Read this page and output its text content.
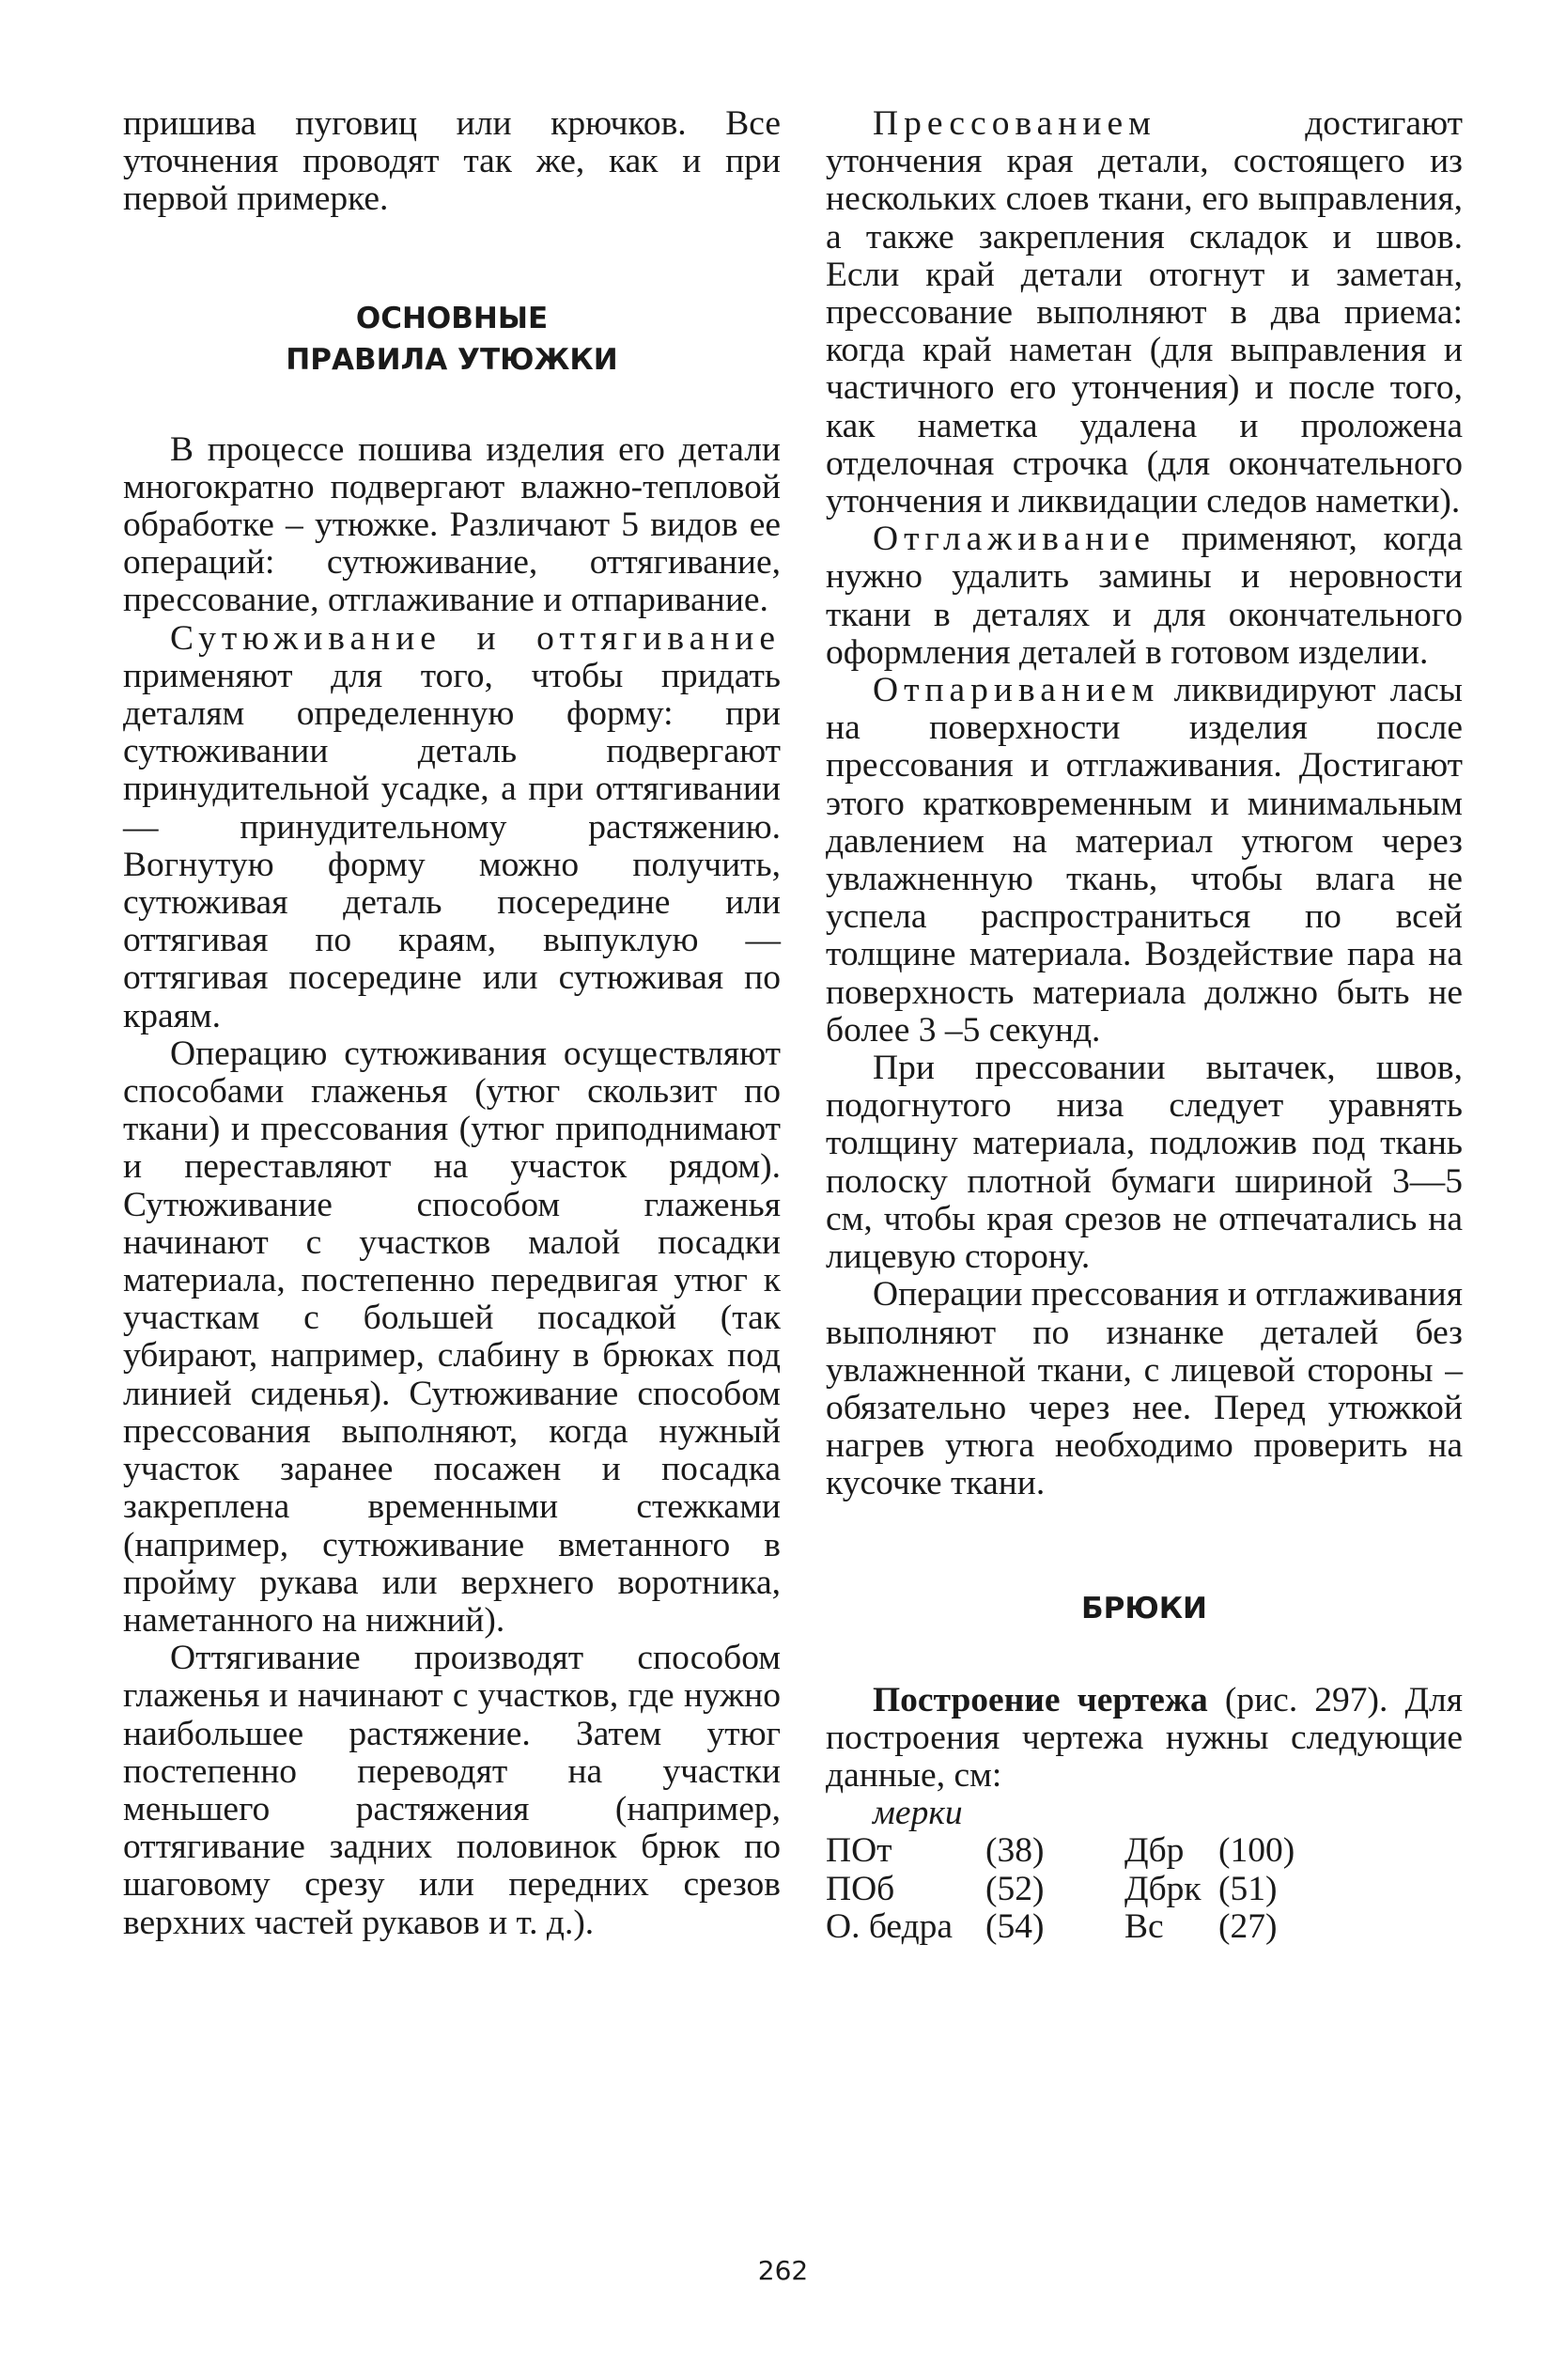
пришива пуговиц или крючков. Все уточнения проводят так же, как и при первой примерке.

ОСНОВНЫЕ

ПРАВИЛА УТЮЖКИ

В процессе пошива изделия его детали многократно подвергают влажно-тепловой обработке – утюжке. Различают 5 видов ее операций: сутюживание, оттягивание, прессование, отглаживание и отпаривание.

Сутюживание и оттягивание применяют для того, чтобы придать деталям определенную форму: при сутюживании деталь подвергают принудительной усадке, а при оттягивании — принудительному растяжению. Вогнутую форму можно получить, сутюживая деталь посередине или оттягивая по краям, выпуклую — оттягивая посередине или сутюживая по краям.

Операцию сутюживания осуществляют способами глаженья (утюг скользит по ткани) и прессования (утюг приподнимают и переставляют на участок рядом). Сутюживание способом глаженья начинают с участков малой посадки материала, постепенно передвигая утюг к участкам с большей посадкой (так убирают, например, слабину в брюках под линией сиденья). Сутюживание способом прессования выполняют, когда нужный участок заранее посажен и посадка закреплена временными стежками (например, сутюживание вметанного в пройму рукава или верхнего воротника, наметанного на нижний).

Оттягивание производят способом глаженья и начинают с участков, где нужно наибольшее растяжение. Затем утюг постепенно переводят на участки меньшего растяжения (например, оттягивание задних половинок брюк по шаговому срезу или передних срезов верхних частей рукавов и т. д.).

Прессованием достигают утончения края детали, состоящего из нескольких слоев ткани, его выправления, а также закрепления складок и швов. Если край детали отогнут и заметан, прессование выполняют в два приема: когда край наметан (для выправления и частичного его утончения) и после того, как наметка удалена и проложена отделочная строчка (для окончательного утончения и ликвидации следов наметки).

Отглаживание применяют, когда нужно удалить замины и неровности ткани в деталях и для окончательного оформления деталей в готовом изделии.

Отпариванием ликвидируют ласы на поверхности изделия после прессования и отглаживания. Достигают этого кратковременным и минимальным давлением на материал утюгом через увлажненную ткань, чтобы влага не успела распространиться по всей толщине материала. Воздействие пара на поверхность материала должно быть не более 3 –5 секунд.

При прессовании вытачек, швов, подогнутого низа следует уравнять толщину материала, подложив под ткань полоску плотной бумаги шириной 3—5 см, чтобы края срезов не отпечатались на лицевую сторону.

Операции прессования и отглаживания выполняют по изнанке деталей без увлажненной ткани, с лицевой стороны – обязательно через нее. Перед утюжкой нагрев утюга необходимо проверить на кусочке ткани.

БРЮКИ

Построение чертежа (рис. 297). Для построения чертежа нужны следующие данные, см:

мерки

ПОт	(38)	Дбр	(100)
ПОб	(52)	Дбрк	(51)
О. бедра	(54)	Вс	(27)
262
